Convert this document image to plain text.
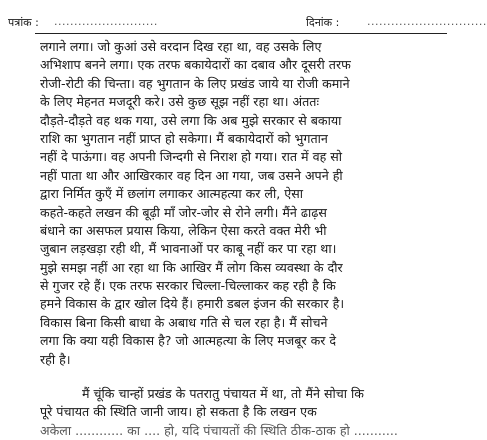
पत्रांक : ..........................	दिनांक :	..............................
लगाने लगा। जो कुआं उसे वरदान दिख रहा था, वह उसके लिए
अभिशाप बनने लगा। एक तरफ बकायेदारों का दबाव और दूसरी तरफ
रोजी-रोटी की चिन्ता। वह भुगतान के लिए प्रखंड जाये या रोजी कमाने
के लिए मेहनत मजदूरी करे। उसे कुछ सूझ नहीं रहा था। अंततः
दौड़ते-दौड़ते वह थक गया, उसे लगा कि अब मुझे सरकार से बकाया
राशि का भुगतान नहीं प्राप्त हो सकेगा। मैं बकायेदारों को भुगतान
नहीं दे पाऊंगा। वह अपनी जिन्दगी से निराश हो गया। रात में वह सो
नहीं पाता था और आखिरकार वह दिन आ गया, जब उसने अपने ही
द्वारा निर्मित कुएँ में छलांग लगाकर आत्महत्या कर ली, ऐसा
कहते-कहते लखन की बूढ़ी माँ जोर-जोर से रोने लगी। मैंने ढाढ़स
बंधाने का असफल प्रयास किया, लेकिन ऐसा करते वक्त मेरी भी
जुबान लड़खड़ा रही थी, मैं भावनाओं पर काबू नहीं कर पा रहा था।
मुझे समझ नहीं आ रहा था कि आखिर मैं लोग किस व्यवस्था के दौर
से गुजर रहे हैं। एक तरफ सरकार चिल्ला-चिल्लाकर कह रही है कि
हमने विकास के द्वार खोल दिये हैं। हमारी डबल इंजन की सरकार है।
विकास बिना किसी बाधा के अबाध गति से चल रहा है। मैं सोचने
लगा कि क्या यही विकास है? जो आत्महत्या के लिए मजबूर कर दे
रही है।
मैं चूंकि चान्हों प्रखंड के पतरातु पंचायत में था, तो मैंने सोचा कि
पूरे पंचायत की स्थिति जानी जाय। हो सकता है कि लखन एक
अकेला ............ का .... हो, यदि पंचायतों की स्थिति ठीक-ठाक हो ...........
